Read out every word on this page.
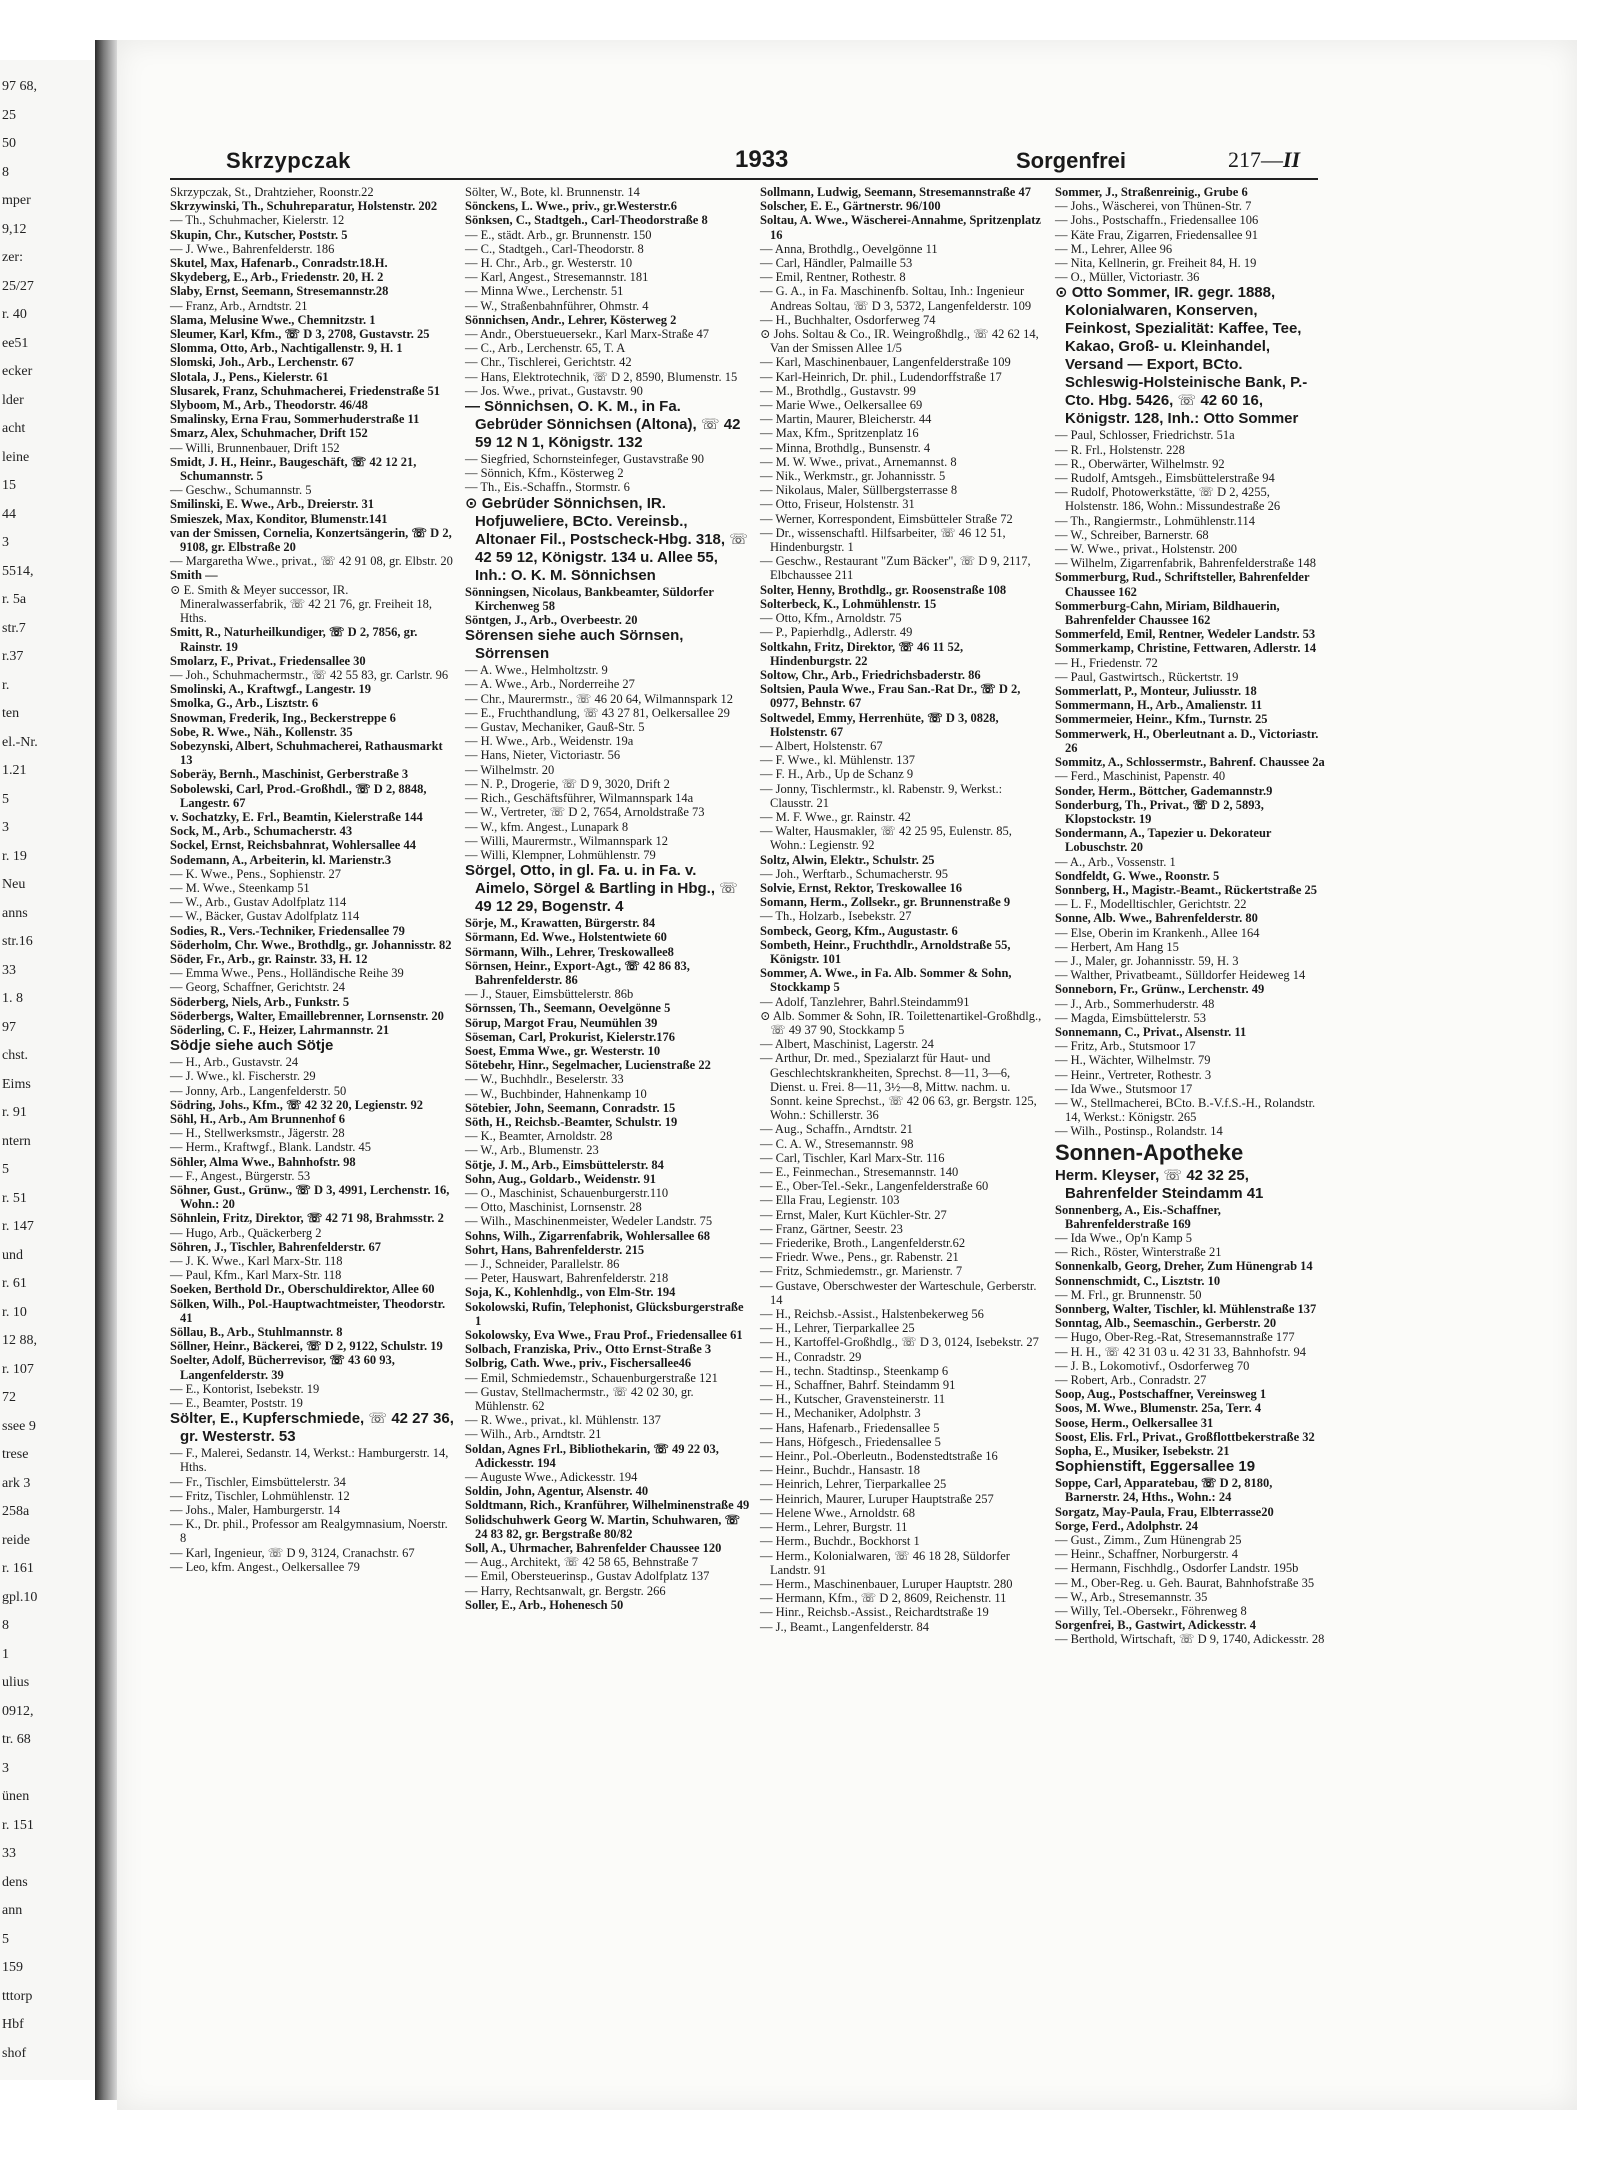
97 68,
25
50
8
mper
9,12
zer:
25/27
r. 40
ee51
ecker
lder
acht
leine
15
44
3
5514,
r. 5a
str.7
r.37
r.
ten
el.-Nr.
1.21
5
3
r. 19
Neu
anns
str.16
33
1. 8
97
chst.
Eims
r. 91
ntern
5
r. 51
r. 147
und
r. 61
r. 10
12 88,
r. 107
72
ssee 9
trese
ark 3
258a
reide
r. 161
gpl.10
8
1
ulius
0912,
tr. 68
3
ünen
r. 151
33
dens
ann
5
159
tttorp
Hbf
shof
Skrzypczak	1933	Sorgenfrei	217—II

Skrzypczak, St., Drahtzieher, Roonstr.22

Skrzywinski, Th., Schuhreparatur, Holstenstr. 202

— Th., Schuhmacher, Kielerstr. 12

Skupin, Chr., Kutscher, Poststr. 5

— J. Wwe., Bahrenfelderstr. 186

Skutel, Max, Hafenarb., Conradstr.18.H.

Skydeberg, E., Arb., Friedenstr. 20, H. 2

Slaby, Ernst, Seemann, Stresemannstr.28

— Franz, Arb., Arndtstr. 21

Slama, Melusine Wwe., Chemnitzstr. 1

Sleumer, Karl, Kfm., ☏ D 3, 2708, Gustavstr. 25

Slomma, Otto, Arb., Nachtigallenstr. 9, H. 1

Slomski, Joh., Arb., Lerchenstr. 67

Slotala, J., Pens., Kielerstr. 61

Slusarek, Franz, Schuhmacherei, Friedenstraße 51

Slyboom, M., Arb., Theodorstr. 46/48

Smalinsky, Erna Frau, Sommerhuderstraße 11

Smarz, Alex, Schuhmacher, Drift 152

— Willi, Brunnenbauer, Drift 152

Smidt, J. H., Heinr., Baugeschäft, ☏ 42 12 21, Schumannstr. 5

— Geschw., Schumannstr. 5

Smilinski, E. Wwe., Arb., Dreierstr. 31

Smieszek, Max, Konditor, Blumenstr.141

van der Smissen, Cornelia, Konzertsängerin, ☏ D 2, 9108, gr. Elbstraße 20

— Margaretha Wwe., privat., ☏ 42 91 08, gr. Elbstr. 20

Smith —

⊙ E. Smith & Meyer successor, IR. Mineralwasserfabrik, ☏ 42 21 76, gr. Freiheit 18, Hths.

Smitt, R., Naturheilkundiger, ☏ D 2, 7856, gr. Rainstr. 19

Smolarz, F., Privat., Friedensallee 30

— Joh., Schuhmachermstr., ☏ 42 55 83, gr. Carlstr. 96

Smolinski, A., Kraftwgf., Langestr. 19

Smolka, G., Arb., Lisztstr. 6

Snowman, Frederik, Ing., Beckerstreppe 6

Sobe, R. Wwe., Näh., Kollenstr. 35

Sobezynski, Albert, Schuhmacherei, Rathausmarkt 13

Soberäy, Bernh., Maschinist, Gerberstraße 3

Sobolewski, Carl, Prod.-Großhdl., ☏ D 2, 8848, Langestr. 67

v. Sochatzky, E. Frl., Beamtin, Kielerstraße 144

Sock, M., Arb., Schumacherstr. 43

Sockel, Ernst, Reichsbahnrat, Wohlersallee 44

Sodemann, A., Arbeiterin, kl. Marienstr.3

— K. Wwe., Pens., Sophienstr. 27

— M. Wwe., Steenkamp 51

— W., Arb., Gustav Adolfplatz 114

— W., Bäcker, Gustav Adolfplatz 114

Sodies, R., Vers.-Techniker, Friedensallee 79

Söderholm, Chr. Wwe., Brothdlg., gr. Johannisstr. 82

Söder, Fr., Arb., gr. Rainstr. 33, H. 12

— Emma Wwe., Pens., Holländische Reihe 39

— Georg, Schaffner, Gerichtstr. 24

Söderberg, Niels, Arb., Funkstr. 5

Söderbergs, Walter, Emaillebrenner, Lornsenstr. 20

Söderling, C. F., Heizer, Lahrmannstr. 21

Södje siehe auch Sötje

— H., Arb., Gustavstr. 24

— J. Wwe., kl. Fischerstr. 29

— Jonny, Arb., Langenfelderstr. 50

Södring, Johs., Kfm., ☏ 42 32 20, Legienstr. 92

Söhl, H., Arb., Am Brunnenhof 6

— H., Stellwerksmstr., Jägerstr. 28

— Herm., Kraftwgf., Blank. Landstr. 45

Söhler, Alma Wwe., Bahnhofstr. 98

— F., Angest., Bürgerstr. 53

Söhner, Gust., Grünw., ☏ D 3, 4991, Lerchenstr. 16, Wohn.: 20

Söhnlein, Fritz, Direktor, ☏ 42 71 98, Brahmsstr. 2

— Hugo, Arb., Quäckerberg 2

Söhren, J., Tischler, Bahrenfelderstr. 67

— J. K. Wwe., Karl Marx-Str. 118

— Paul, Kfm., Karl Marx-Str. 118

Soeken, Berthold Dr., Oberschuldirektor, Allee 60

Sölken, Wilh., Pol.-Hauptwachtmeister, Theodorstr. 41

Söllau, B., Arb., Stuhlmannstr. 8

Söllner, Heinr., Bäckerei, ☏ D 2, 9122, Schulstr. 19

Soelter, Adolf, Bücherrevisor, ☏ 43 60 93, Langenfelderstr. 39

— E., Kontorist, Isebekstr. 19

— E., Beamter, Poststr. 19

Sölter, E., Kupferschmiede, ☏ 42 27 36, gr. Westerstr. 53

— F., Malerei, Sedanstr. 14, Werkst.: Hamburgerstr. 14, Hths.

— Fr., Tischler, Eimsbüttelerstr. 34

— Fritz, Tischler, Lohmühlenstr. 12

— Johs., Maler, Hamburgerstr. 14

— K., Dr. phil., Professor am Realgymnasium, Noerstr. 8

— Karl, Ingenieur, ☏ D 9, 3124, Cranachstr. 67

— Leo, kfm. Angest., Oelkersallee 79

Sölter, W., Bote, kl. Brunnenstr. 14

Sönckens, L. Wwe., priv., gr.Westerstr.6

Sönksen, C., Stadtgeh., Carl-Theodorstraße 8

— E., städt. Arb., gr. Brunnenstr. 150

— C., Stadtgeh., Carl-Theodorstr. 8

— H. Chr., Arb., gr. Westerstr. 10

— Karl, Angest., Stresemannstr. 181

— Minna Wwe., Lerchenstr. 51

— W., Straßenbahnführer, Ohmstr. 4

Sönnichsen, Andr., Lehrer, Kösterweg 2

— Andr., Oberstueuersekr., Karl Marx-Straße 47

— C., Arb., Lerchenstr. 65, T. A

— Chr., Tischlerei, Gerichtstr. 42

— Hans, Elektrotechnik, ☏ D 2, 8590, Blumenstr. 15

— Jos. Wwe., privat., Gustavstr. 90

— Sönnichsen, O. K. M., in Fa. Gebrüder Sönnichsen (Altona), ☏ 42 59 12 N 1, Königstr. 132

— Siegfried, Schornsteinfeger, Gustavstraße 90

— Sönnich, Kfm., Kösterweg 2

— Th., Eis.-Schaffn., Stormstr. 6

⊙ Gebrüder Sönnichsen, IR. Hofjuweliere, BCto. Vereinsb., Altonaer Fil., Postscheck-Hbg. 318, ☏ 42 59 12, Königstr. 134 u. Allee 55, Inh.: O. K. M. Sönnichsen

Sönningsen, Nicolaus, Bankbeamter, Süldorfer Kirchenweg 58

Söntgen, J., Arb., Overbeestr. 20

Sörensen siehe auch Sörnsen, Sörrensen

— A. Wwe., Helmholtzstr. 9

— A. Wwe., Arb., Norderreihe 27

— Chr., Maurermstr., ☏ 46 20 64, Wilmannspark 12

— E., Fruchthandlung, ☏ 43 27 81, Oelkersallee 29

— Gustav, Mechaniker, Gauß-Str. 5

— H. Wwe., Arb., Weidenstr. 19a

— Hans, Nieter, Victoriastr. 56

— Wilhelmstr. 20

— N. P., Drogerie, ☏ D 9, 3020, Drift 2

— Rich., Geschäftsführer, Wilmannspark 14a

— W., Vertreter, ☏ D 2, 7654, Arnoldstraße 73

— W., kfm. Angest., Lunapark 8

— Willi, Maurermstr., Wilmannspark 12

— Willi, Klempner, Lohmühlenstr. 79

Sörgel, Otto, in gl. Fa. u. in Fa. v. Aimelo, Sörgel & Bartling in Hbg., ☏ 49 12 29, Bogenstr. 4

Sörje, M., Krawatten, Bürgerstr. 84

Sörmann, Ed. Wwe., Holstentwiete 60

Sörmann, Wilh., Lehrer, Treskowallee8

Sörnsen, Heinr., Export-Agt., ☏ 42 86 83, Bahrenfelderstr. 86

— J., Stauer, Eimsbüttelerstr. 86b

Sörnssen, Th., Seemann, Oevelgönne 5

Sörup, Margot Frau, Neumühlen 39

Söseman, Carl, Prokurist, Kielerstr.176

Soest, Emma Wwe., gr. Westerstr. 10

Sötebehr, Hinr., Segelmacher, Lucienstraße 22

— W., Buchhdlr., Beselerstr. 33

— W., Buchbinder, Hahnenkamp 10

Sötebier, John, Seemann, Conradstr. 15

Söth, H., Reichsb.-Beamter, Schulstr. 19

— K., Beamter, Arnoldstr. 28

— W., Arb., Blumenstr. 23

Sötje, J. M., Arb., Eimsbüttelerstr. 84

Sohn, Aug., Goldarb., Weidenstr. 91

— O., Maschinist, Schauenburgerstr.110

— Otto, Maschinist, Lornsenstr. 28

— Wilh., Maschinenmeister, Wedeler Landstr. 75

Sohns, Wilh., Zigarrenfabrik, Wohlersallee 68

Sohrt, Hans, Bahrenfelderstr. 215

— J., Schneider, Parallelstr. 86

— Peter, Hauswart, Bahrenfelderstr. 218

Soja, K., Kohlenhdlg., von Elm-Str. 194

Sokolowski, Rufin, Telephonist, Glücksburgerstraße 1

Sokolowsky, Eva Wwe., Frau Prof., Friedensallee 61

Solbach, Franziska, Priv., Otto Ernst-Straße 3

Solbrig, Cath. Wwe., priv., Fischersallee46

— Emil, Schmiedemstr., Schauenburgerstraße 121

— Gustav, Stellmachermstr., ☏ 42 02 30, gr. Mühlenstr. 62

— R. Wwe., privat., kl. Mühlenstr. 137

— Wilh., Arb., Arndtstr. 21

Soldan, Agnes Frl., Bibliothekarin, ☏ 49 22 03, Adickesstr. 194

— Auguste Wwe., Adickesstr. 194

Soldin, John, Agentur, Alsenstr. 40

Soldtmann, Rich., Kranführer, Wilhelminenstraße 49

Solidschuhwerk Georg W. Martin, Schuhwaren, ☏ 24 83 82, gr. Bergstraße 80/82

Soll, A., Uhrmacher, Bahrenfelder Chaussee 120

— Aug., Architekt, ☏ 42 58 65, Behnstraße 7

— Emil, Obersteuerinsp., Gustav Adolfplatz 137

— Harry, Rechtsanwalt, gr. Bergstr. 266

Soller, E., Arb., Hohenesch 50

Sollmann, Ludwig, Seemann, Stresemannstraße 47

Solscher, E. E., Gärtnerstr. 96/100

Soltau, A. Wwe., Wäscherei-Annahme, Spritzenplatz 16

— Anna, Brothdlg., Oevelgönne 11

— Carl, Händler, Palmaille 53

— Emil, Rentner, Rothestr. 8

— G. A., in Fa. Maschinenfb. Soltau, Inh.: Ingenieur Andreas Soltau, ☏ D 3, 5372, Langenfelderstr. 109

— H., Buchhalter, Osdorferweg 74

⊙ Johs. Soltau & Co., IR. Weingroßhdlg., ☏ 42 62 14, Van der Smissen Allee 1/5

— Karl, Maschinenbauer, Langenfelderstraße 109

— Karl-Heinrich, Dr. phil., Ludendorffstraße 17

— M., Brothdlg., Gustavstr. 99

— Marie Wwe., Oelkersallee 69

— Martin, Maurer, Bleicherstr. 44

— Max, Kfm., Spritzenplatz 16

— Minna, Brothdlg., Bunsenstr. 4

— M. W. Wwe., privat., Arnemannst. 8

— Nik., Werkmstr., gr. Johannisstr. 5

— Nikolaus, Maler, Süllbergsterrasse 8

— Otto, Friseur, Holstenstr. 31

— Werner, Korrespondent, Eimsbütteler Straße 72

— Dr., wissenschaftl. Hilfsarbeiter, ☏ 46 12 51, Hindenburgstr. 1

— Geschw., Restaurant "Zum Bäcker", ☏ D 9, 2117, Elbchaussee 211

Solter, Henny, Brothdlg., gr. Roosenstraße 108

Solterbeck, K., Lohmühlenstr. 15

— Otto, Kfm., Arnoldstr. 75

— P., Papierhdlg., Adlerstr. 49

Soltkahn, Fritz, Direktor, ☏ 46 11 52, Hindenburgstr. 22

Soltow, Chr., Arb., Friedrichsbaderstr. 86

Soltsien, Paula Wwe., Frau San.-Rat Dr., ☏ D 2, 0977, Behnstr. 67

Soltwedel, Emmy, Herrenhüte, ☏ D 3, 0828, Holstenstr. 67

— Albert, Holstenstr. 67

— F. Wwe., kl. Mühlenstr. 137

— F. H., Arb., Up de Schanz 9

— Jonny, Tischlermstr., kl. Rabenstr. 9, Werkst.: Clausstr. 21

— M. F. Wwe., gr. Rainstr. 42

— Walter, Hausmakler, ☏ 42 25 95, Eulenstr. 85, Wohn.: Legienstr. 92

Soltz, Alwin, Elektr., Schulstr. 25

— Joh., Werftarb., Schumacherstr. 95

Solvie, Ernst, Rektor, Treskowallee 16

Somann, Herm., Zollsekr., gr. Brunnenstraße 9

— Th., Holzarb., Isebekstr. 27

Sombeck, Georg, Kfm., Augustastr. 6

Sombeth, Heinr., Fruchthdlr., Arnoldstraße 55, Königstr. 101

Sommer, A. Wwe., in Fa. Alb. Sommer & Sohn, Stockkamp 5

— Adolf, Tanzlehrer, Bahrl.Steindamm91

⊙ Alb. Sommer & Sohn, IR. Toilettenartikel-Großhdlg., ☏ 49 37 90, Stockkamp 5

— Albert, Maschinist, Lagerstr. 24

— Arthur, Dr. med., Spezialarzt für Haut- und Geschlechtskrankheiten, Sprechst. 8—11, 3—6, Dienst. u. Frei. 8—11, 3½—8, Mittw. nachm. u. Sonnt. keine Sprechst., ☏ 42 06 63, gr. Bergstr. 125, Wohn.: Schillerstr. 36

— Aug., Schaffn., Arndtstr. 21

— C. A. W., Stresemannstr. 98

— Carl, Tischler, Karl Marx-Str. 116

— E., Feinmechan., Stresemannstr. 140

— E., Ober-Tel.-Sekr., Langenfelderstraße 60

— Ella Frau, Legienstr. 103

— Ernst, Maler, Kurt Küchler-Str. 27

— Franz, Gärtner, Seestr. 23

— Friederike, Broth., Langenfelderstr.62

— Friedr. Wwe., Pens., gr. Rabenstr. 21

— Fritz, Schmiedemstr., gr. Marienstr. 7

— Gustave, Oberschwester der Warteschule, Gerberstr. 14

— H., Reichsb.-Assist., Halstenbekerweg 56

— H., Lehrer, Tierparkallee 25

— H., Kartoffel-Großhdlg., ☏ D 3, 0124, Isebekstr. 27

— H., Conradstr. 29

— H., techn. Stadtinsp., Steenkamp 6

— H., Schaffner, Bahrf. Steindamm 91

— H., Kutscher, Gravensteinerstr. 11

— H., Mechaniker, Adolphstr. 3

— Hans, Hafenarb., Friedensallee 5

— Hans, Höfgesch., Friedensallee 5

— Heinr., Pol.-Oberleutn., Bodenstedtstraße 16

— Heinr., Buchdr., Hansastr. 18

— Heinrich, Lehrer, Tierparkallee 25

— Heinrich, Maurer, Luruper Hauptstraße 257

— Helene Wwe., Arnoldstr. 68

— Herm., Lehrer, Burgstr. 11

— Herm., Buchdr., Bockhorst 1

— Herm., Kolonialwaren, ☏ 46 18 28, Süldorfer Landstr. 91

— Herm., Maschinenbauer, Luruper Hauptstr. 280

— Hermann, Kfm., ☏ D 2, 8609, Reichenstr. 11

— Hinr., Reichsb.-Assist., Reichardtstraße 19

— J., Beamt., Langenfelderstr. 84

Sommer, J., Straßenreinig., Grube 6

— Johs., Wäscherei, von Thünen-Str. 7

— Johs., Postschaffn., Friedensallee 106

— Käte Frau, Zigarren, Friedensallee 91

— M., Lehrer, Allee 96

— Nita, Kellnerin, gr. Freiheit 84, H. 19

— O., Müller, Victoriastr. 36

⊙ Otto Sommer, IR. gegr. 1888, Kolonialwaren, Konserven, Feinkost, Spezialität: Kaffee, Tee, Kakao, Groß- u. Kleinhandel, Versand — Export, BCto. Schleswig-Holsteinische Bank, P.-Cto. Hbg. 5426, ☏ 42 60 16, Königstr. 128, Inh.: Otto Sommer

— Paul, Schlosser, Friedrichstr. 51a

— R. Frl., Holstenstr. 228

— R., Oberwärter, Wilhelmstr. 92

— Rudolf, Amtsgeh., Eimsbüttelerstraße 94

— Rudolf, Photowerkstätte, ☏ D 2, 4255, Holstenstr. 186, Wohn.: Missundestraße 26

— Th., Rangiermstr., Lohmühlenstr.114

— W., Schreiber, Barnerstr. 68

— W. Wwe., privat., Holstenstr. 200

— Wilhelm, Zigarrenfabrik, Bahrenfelderstraße 148

Sommerburg, Rud., Schriftsteller, Bahrenfelder Chaussee 162

Sommerburg-Cahn, Miriam, Bildhauerin, Bahrenfelder Chaussee 162

Sommerfeld, Emil, Rentner, Wedeler Landstr. 53

Sommerkamp, Christine, Fettwaren, Adlerstr. 14

— H., Friedenstr. 72

— Paul, Gastwirtsch., Rückertstr. 19

Sommerlatt, P., Monteur, Juliusstr. 18

Sommermann, H., Arb., Amalienstr. 11

Sommermeier, Heinr., Kfm., Turnstr. 25

Sommerwerk, H., Oberleutnant a. D., Victoriastr. 26

Sommitz, A., Schlossermstr., Bahrenf. Chaussee 2a

— Ferd., Maschinist, Papenstr. 40

Sonder, Herm., Böttcher, Gademannstr.9

Sonderburg, Th., Privat., ☏ D 2, 5893, Klopstockstr. 19

Sondermann, A., Tapezier u. Dekorateur Lobuschstr. 20

— A., Arb., Vossenstr. 1

Sondfeldt, G. Wwe., Roonstr. 5

Sonnberg, H., Magistr.-Beamt., Rückertstraße 25

— L. F., Modelltischler, Gerichtstr. 22

Sonne, Alb. Wwe., Bahrenfelderstr. 80

— Else, Oberin im Krankenh., Allee 164

— Herbert, Am Hang 15

— J., Maler, gr. Johannisstr. 59, H. 3

— Walther, Privatbeamt., Sülldorfer Heideweg 14

Sonneborn, Fr., Grünw., Lerchenstr. 49

— J., Arb., Sommerhuderstr. 48

— Magda, Eimsbüttelerstr. 53

Sonnemann, C., Privat., Alsenstr. 11

— Fritz, Arb., Stutsmoor 17

— H., Wächter, Wilhelmstr. 79

— Heinr., Vertreter, Rothestr. 3

— Ida Wwe., Stutsmoor 17

— W., Stellmacherei, BCto. B.-V.f.S.-H., Rolandstr. 14, Werkst.: Königstr. 265

— Wilh., Postinsp., Rolandstr. 14

Sonnen-Apotheke

Herm. Kleyser, ☏ 42 32 25, Bahrenfelder Steindamm 41

Sonnenberg, A., Eis.-Schaffner, Bahrenfelderstraße 169

— Ida Wwe., Op'n Kamp 5

— Rich., Röster, Winterstraße 21

Sonnenkalb, Georg, Dreher, Zum Hünengrab 14

Sonnenschmidt, C., Lisztstr. 10

— M. Frl., gr. Brunnenstr. 50

Sonnberg, Walter, Tischler, kl. Mühlenstraße 137

Sonntag, Alb., Seemaschin., Gerberstr. 20

— Hugo, Ober-Reg.-Rat, Stresemannstraße 177

— H. H., ☏ 42 31 03 u. 42 31 33, Bahnhofstr. 94

— J. B., Lokomotivf., Osdorferweg 70

— Robert, Arb., Conradstr. 27

Soop, Aug., Postschaffner, Vereinsweg 1

Soos, M. Wwe., Blumenstr. 25a, Terr. 4

Soose, Herm., Oelkersallee 31

Soost, Elis. Frl., Privat., Großflottbekerstraße 32

Sopha, E., Musiker, Isebekstr. 21

Sophienstift, Eggersallee 19

Soppe, Carl, Apparatebau, ☏ D 2, 8180, Barnerstr. 24, Hths., Wohn.: 24

Sorgatz, May-Paula, Frau, Elbterrasse20

Sorge, Ferd., Adolphstr. 24

— Gust., Zimm., Zum Hünengrab 25

— Heinr., Schaffner, Norburgerstr. 4

— Hermann, Fischhdlg., Osdorfer Landstr. 195b

— M., Ober-Reg. u. Geh. Baurat, Bahnhofstraße 35

— W., Arb., Stresemannstr. 35

— Willy, Tel.-Obersekr., Föhrenweg 8

Sorgenfrei, B., Gastwirt, Adickesstr. 4

— Berthold, Wirtschaft, ☏ D 9, 1740, Adickesstr. 28
